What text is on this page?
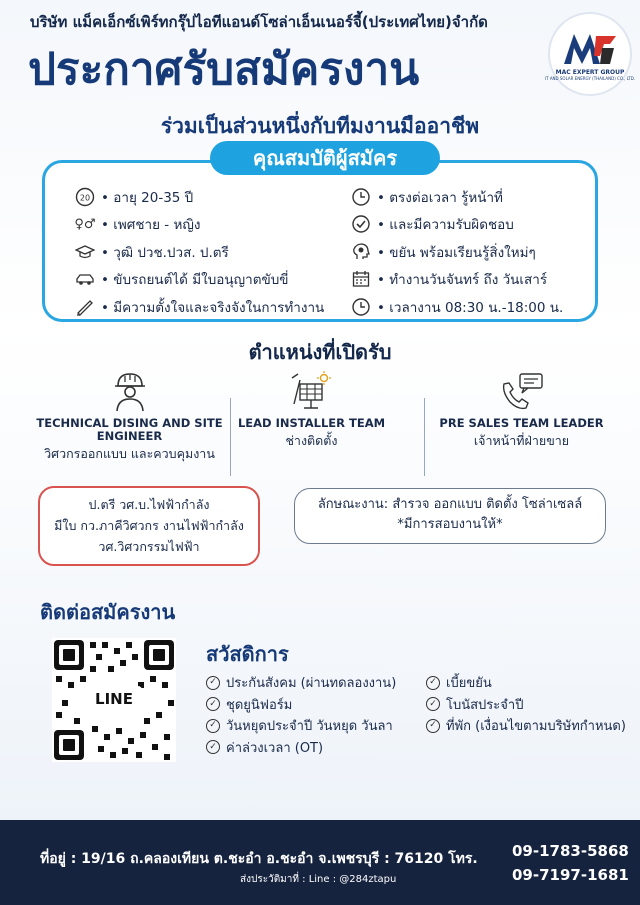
บริษัท แม็คเอ็กซ์เพิร์ทกรุ๊ปไอทีแอนด์โซล่าเอ็นเนอร์จี้(ประเทศไทย)จำกัด
ประกาศรับสมัครงาน	MAC EXPERT GROUP
IT AND SOLAR ENERGY (THAILAND) CO., LTD.
ร่วมเป็นส่วนหนึ่งกับทีมงานมืออาชีพ
20 • อายุ 20-35 ปี
♀♂ • เพศชาย - หญิง
• วุฒิ ปวช.ปวส. ป.ตรี
• ขับรถยนต์ได้ มีใบอนุญาตขับขี่
• มีความตั้งใจและจริงจังในการทำงาน
• ตรงต่อเวลา รู้หน้าที่
• และมีความรับผิดชอบ
• ขยัน พร้อมเรียนรู้สิ่งใหม่ๆ
• ทำงานวันจันทร์ ถึง วันเสาร์
• เวลางาน 08:30 น.-18:00 น.
คุณสมบัติผู้สมัคร
ตำแหน่งที่เปิดรับ
TECHNICAL DISING AND SITE ENGINEER
วิศวกรออกแบบ และควบคุมงาน
LEAD INSTALLER TEAM
ช่างติดตั้ง
PRE SALES TEAM LEADER
เจ้าหน้าที่ฝ่ายขาย
ป.ตรี วศ.บ.ไฟฟ้ากำลัง
มีใบ กว.ภาคีวิศวกร งานไฟฟ้ากำลัง
วศ.วิศวกรรมไฟฟ้า
ลักษณะงาน: สำรวจ ออกแบบ ติดตั้ง โซล่าเซลล์
*มีการสอบงานให้*
ติดต่อสมัครงาน
LINE
สวัสดิการ
✓ ประกันสังคม (ผ่านทดลองงาน)
✓ ชุดยูนิฟอร์ม
✓ วันหยุดประจำปี วันหยุด วันลา
✓ ค่าล่วงเวลา (OT)
✓ เบี้ยขยัน
✓ โบนัสประจำปี
✓ ที่พัก (เงื่อนไขตามบริษัทกำหนด)
ที่อยู่ : 19/16 ถ.คลองเทียน ต.ชะอำ อ.ชะอำ จ.เพชรบุรี : 76120 โทร.
ส่งประวัติมาที่ : Line : @284ztapu
09-1783-5868
09-7197-1681
